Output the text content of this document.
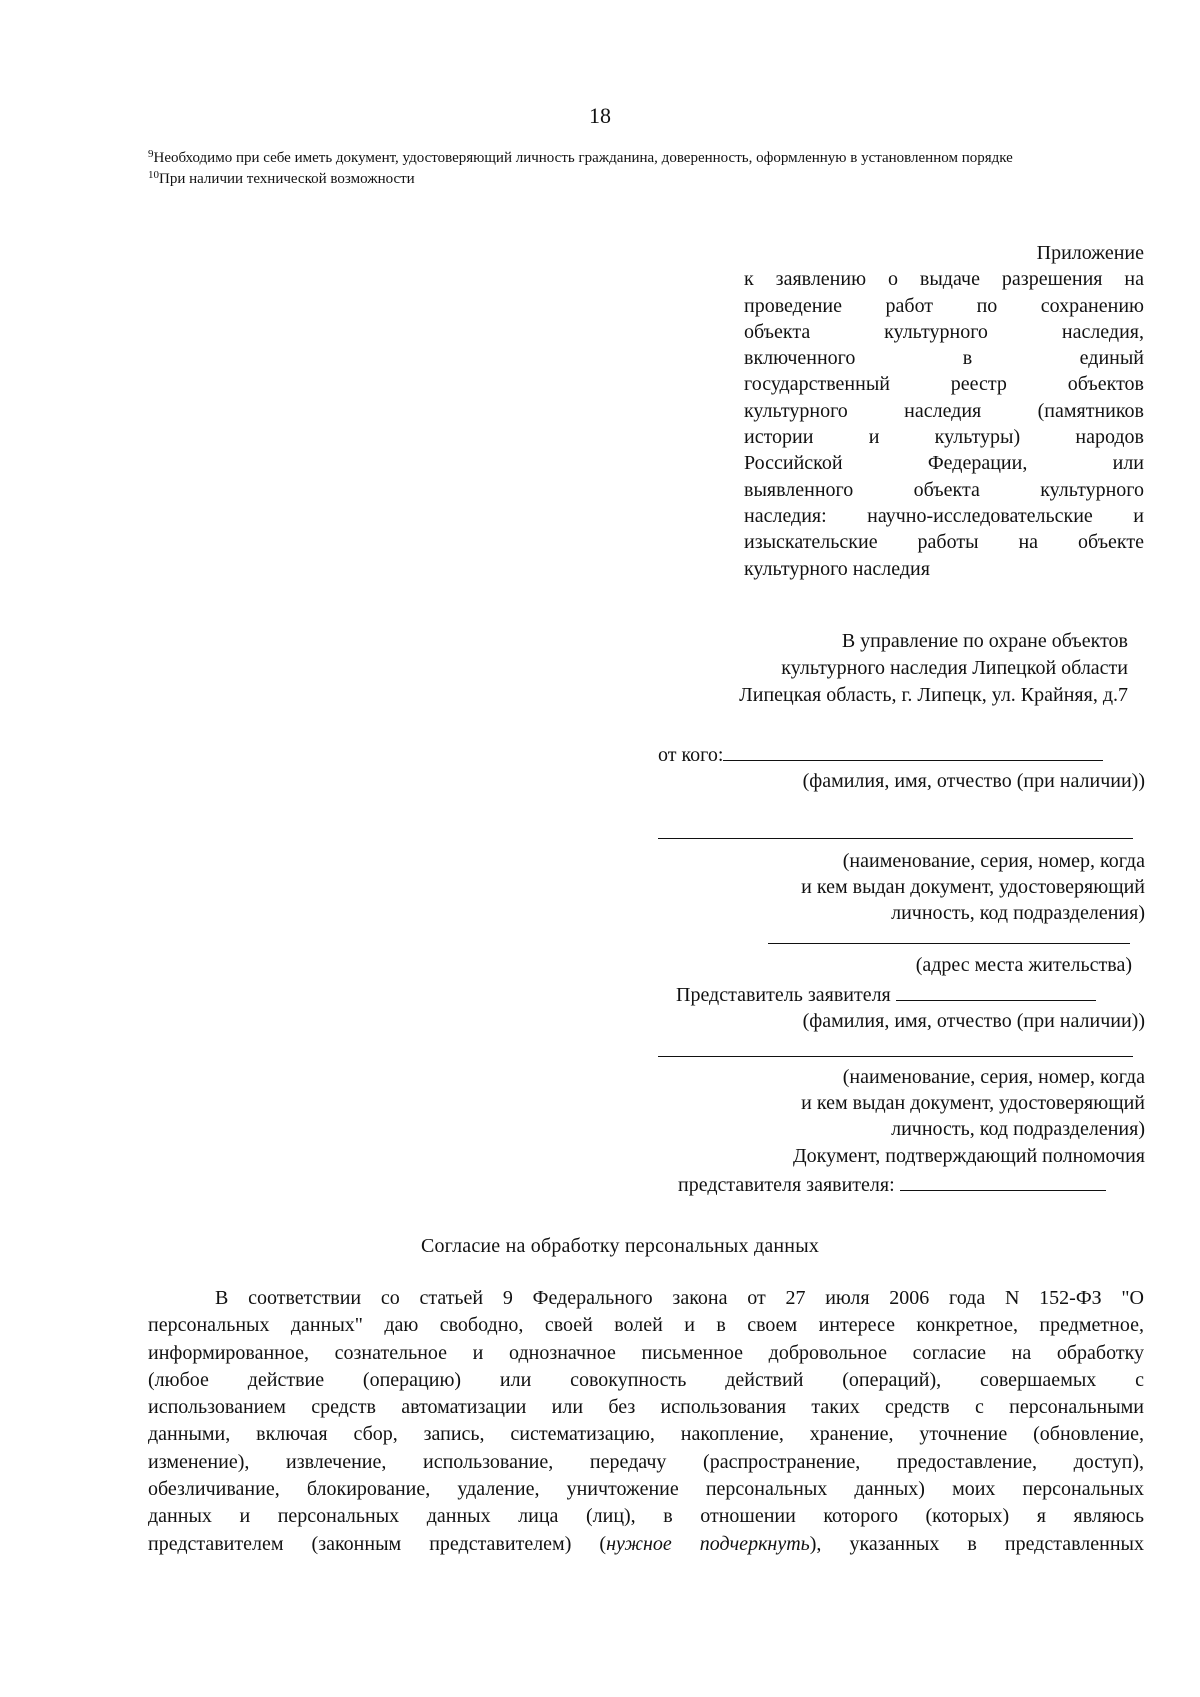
18

$^9$Необходимо при себе иметь документ, удостоверяющий личность гражданина, доверенность, оформленную в установленном порядке

$^{10}$При наличии технической возможности

Приложение
к заявлению о выдаче разрешения на
проведение работ по сохранению
объекта культурного наследия,
включенного в единый
государственный реестр объектов
культурного наследия (памятников
истории и культуры) народов
Российской Федерации, или
выявленного объекта культурного
наследия: научно-исследовательские и
изыскательские работы на объекте
культурного наследия

В управление по охране объектов

культурного наследия Липецкой области

Липецкая область, г. Липецк, ул. Крайняя, д.7

от кого:
(фамилия, имя, отчество (при наличии))
(наименование, серия, номер, когда
и кем выдан документ, удостоверяющий
личность, код подразделения)
(адрес места жительства)
Представитель заявителя
(фамилия, имя, отчество (при наличии))
(наименование, серия, номер, когда
и кем выдан документ, удостоверяющий
личность, код подразделения)
Документ, подтверждающий полномочия
представителя заявителя:
Согласие на обработку персональных данных
В соответствии со статьей 9 Федерального закона от 27 июля 2006 года N 152-ФЗ "О
персональных данных" даю свободно, своей волей и в своем интересе конкретное, предметное,
информированное, сознательное и однозначное письменное добровольное согласие на обработку
(любое действие (операцию) или совокупность действий (операций), совершаемых с
использованием средств автоматизации или без использования таких средств с персональными
данными, включая сбор, запись, систематизацию, накопление, хранение, уточнение (обновление,
изменение), извлечение, использование, передачу (распространение, предоставление, доступ),
обезличивание, блокирование, удаление, уничтожение персональных данных) моих персональных
данных и персональных данных лица (лиц), в отношении которого (которых) я являюсь
представителем (законным представителем) (нужное подчеркнуть), указанных в представленных
